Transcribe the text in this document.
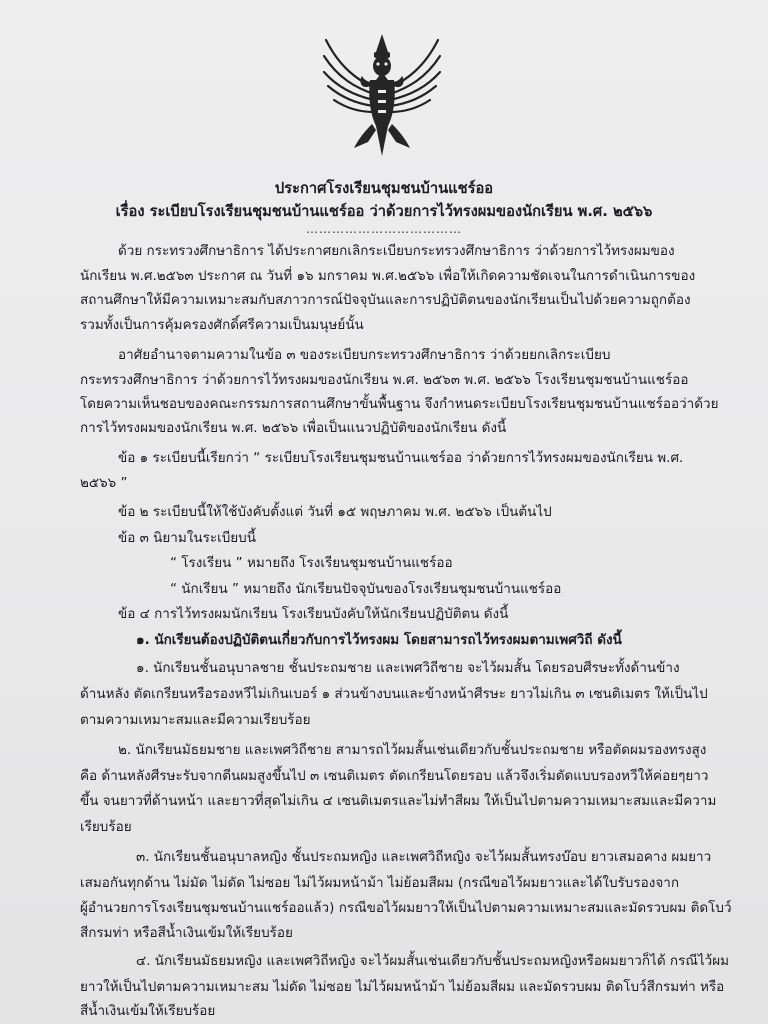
ประกาศโรงเรียนชุมชนบ้านแชร์ออ
เรื่อง ระเบียบโรงเรียนชุมชนบ้านแชร์ออ ว่าด้วยการไว้ทรงผมของนักเรียน พ.ศ. ๒๕๖๖
………………………………
ด้วย กระทรวงศึกษาธิการ ได้ประกาศยกเลิกระเบียบกระทรวงศึกษาธิการ ว่าด้วยการไว้ทรงผมของ
นักเรียน พ.ศ.๒๕๖๓ ประกาศ ณ วันที่ ๑๖ มกราคม พ.ศ.๒๕๖๖ เพื่อให้เกิดความชัดเจนในการดำเนินการของ
สถานศึกษาให้มีความเหมาะสมกับสภาวการณ์ปัจจุบันและการปฏิบัติตนของนักเรียนเป็นไปด้วยความถูกต้อง
รวมทั้งเป็นการคุ้มครองศักดิ์ศรีความเป็นมนุษย์นั้น
อาศัยอำนาจตามความในข้อ ๓ ของระเบียบกระทรวงศึกษาธิการ ว่าด้วยยกเลิกระเบียบ
กระทรวงศึกษาธิการ ว่าด้วยการไว้ทรงผมของนักเรียน พ.ศ. ๒๕๖๓ พ.ศ. ๒๕๖๖ โรงเรียนชุมชนบ้านแชร์ออ
โดยความเห็นชอบของคณะกรรมการสถานศึกษาขั้นพื้นฐาน จึงกำหนดระเบียบโรงเรียนชุมชนบ้านแชร์ออว่าด้วย
การไว้ทรงผมของนักเรียน พ.ศ. ๒๕๖๖ เพื่อเป็นแนวปฏิบัติของนักเรียน ดังนี้
ข้อ ๑ ระเบียบนี้เรียกว่า “ ระเบียบโรงเรียนชุมชนบ้านแชร์ออ ว่าด้วยการไว้ทรงผมของนักเรียน พ.ศ.
๒๕๖๖ ”
ข้อ ๒ ระเบียบนี้ให้ใช้บังคับตั้งแต่ วันที่ ๑๕ พฤษภาคม พ.ศ. ๒๕๖๖ เป็นต้นไป
ข้อ ๓ นิยามในระเบียบนี้
“ โรงเรียน ” หมายถึง โรงเรียนชุมชนบ้านแชร์ออ
“ นักเรียน ” หมายถึง นักเรียนปัจจุบันของโรงเรียนชุมชนบ้านแชร์ออ
ข้อ ๔ การไว้ทรงผมนักเรียน โรงเรียนบังคับให้นักเรียนปฏิบัติตน ดังนี้
๑. นักเรียนต้องปฏิบัติตนเกี่ยวกับการไว้ทรงผม โดยสามารถไว้ทรงผมตามเพศวิถี ดังนี้
๑. นักเรียนชั้นอนุบาลชาย ชั้นประถมชาย และเพศวิถีชาย จะไว้ผมสั้น โดยรอบศีรษะทั้งด้านข้าง
ด้านหลัง ตัดเกรียนหรือรองหวีไม่เกินเบอร์ ๑ ส่วนข้างบนและข้างหน้าศีรษะ ยาวไม่เกิน ๓ เซนติเมตร ให้เป็นไป
ตามความเหมาะสมและมีความเรียบร้อย
๒. นักเรียนมัธยมชาย และเพศวิถีชาย สามารถไว้ผมสั้นเช่นเดียวกับชั้นประถมชาย หรือตัดผมรองทรงสูง
คือ ด้านหลังศีรษะรับจากตีนผมสูงขึ้นไป ๓ เซนติเมตร ตัดเกรียนโดยรอบ แล้วจึงเริ่มตัดแบบรองหวีให้ค่อยๆยาว
ขึ้น จนยาวที่ด้านหน้า และยาวที่สุดไม่เกิน ๔ เซนติเมตรและไม่ทำสีผม ให้เป็นไปตามความเหมาะสมและมีความ
เรียบร้อย
๓. นักเรียนชั้นอนุบาลหญิง ชั้นประถมหญิง และเพศวิถีหญิง จะไว้ผมสั้นทรงบ๊อบ ยาวเสมอคาง ผมยาว
เสมอกันทุกด้าน ไม่มัด ไม่ดัด ไม่ซอย ไม่ไว้ผมหน้าม้า ไม่ย้อมสีผม (กรณีขอไว้ผมยาวและได้ใบรับรองจาก
ผู้อำนวยการโรงเรียนชุมชนบ้านแชร์ออแล้ว) กรณีขอไว้ผมยาวให้เป็นไปตามความเหมาะสมและมัดรวบผม ติดโบว์
สีกรมท่า หรือสีน้ำเงินเข้มให้เรียบร้อย
๔. นักเรียนมัธยมหญิง และเพศวิถีหญิง จะไว้ผมสั้นเช่นเดียวกับชั้นประถมหญิงหรือผมยาวก็ได้ กรณีไว้ผม
ยาวให้เป็นไปตามความเหมาะสม ไม่ดัด ไม่ซอย ไม่ไว้ผมหน้าม้า ไม่ย้อมสีผม และมัดรวบผม ติดโบว์สีกรมท่า หรือ
สีน้ำเงินเข้มให้เรียบร้อย
